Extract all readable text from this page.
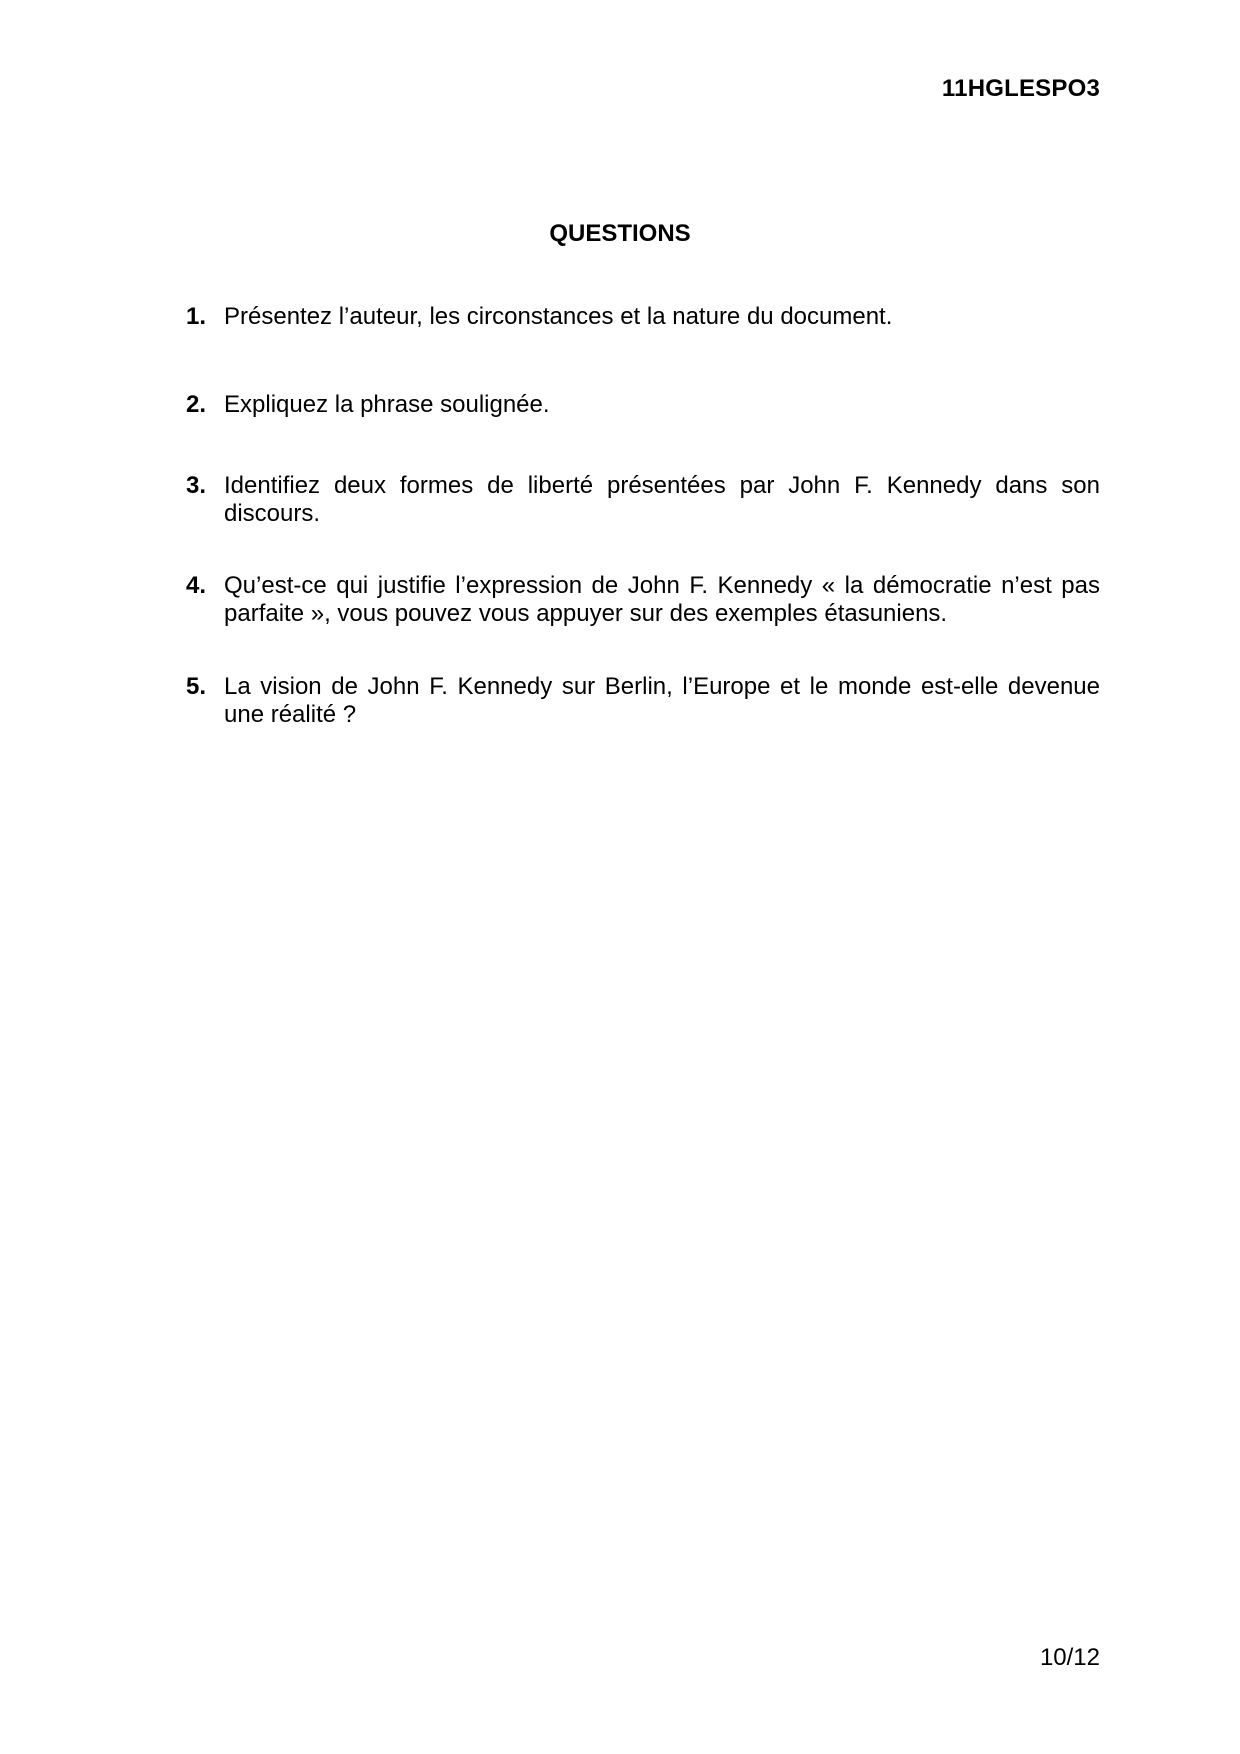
11HGLESPO3
QUESTIONS
1. Présentez l’auteur, les circonstances et la nature du document.
2. Expliquez la phrase soulignée.
3. Identifiez deux formes de liberté présentées par John F. Kennedy dans son discours.
4. Qu’est-ce qui justifie l’expression de John F. Kennedy « la démocratie n’est pas parfaite », vous pouvez vous appuyer sur des exemples étasuniens.
5. La vision de John F. Kennedy sur Berlin, l’Europe et le monde est-elle devenue une réalité ?
10/12
